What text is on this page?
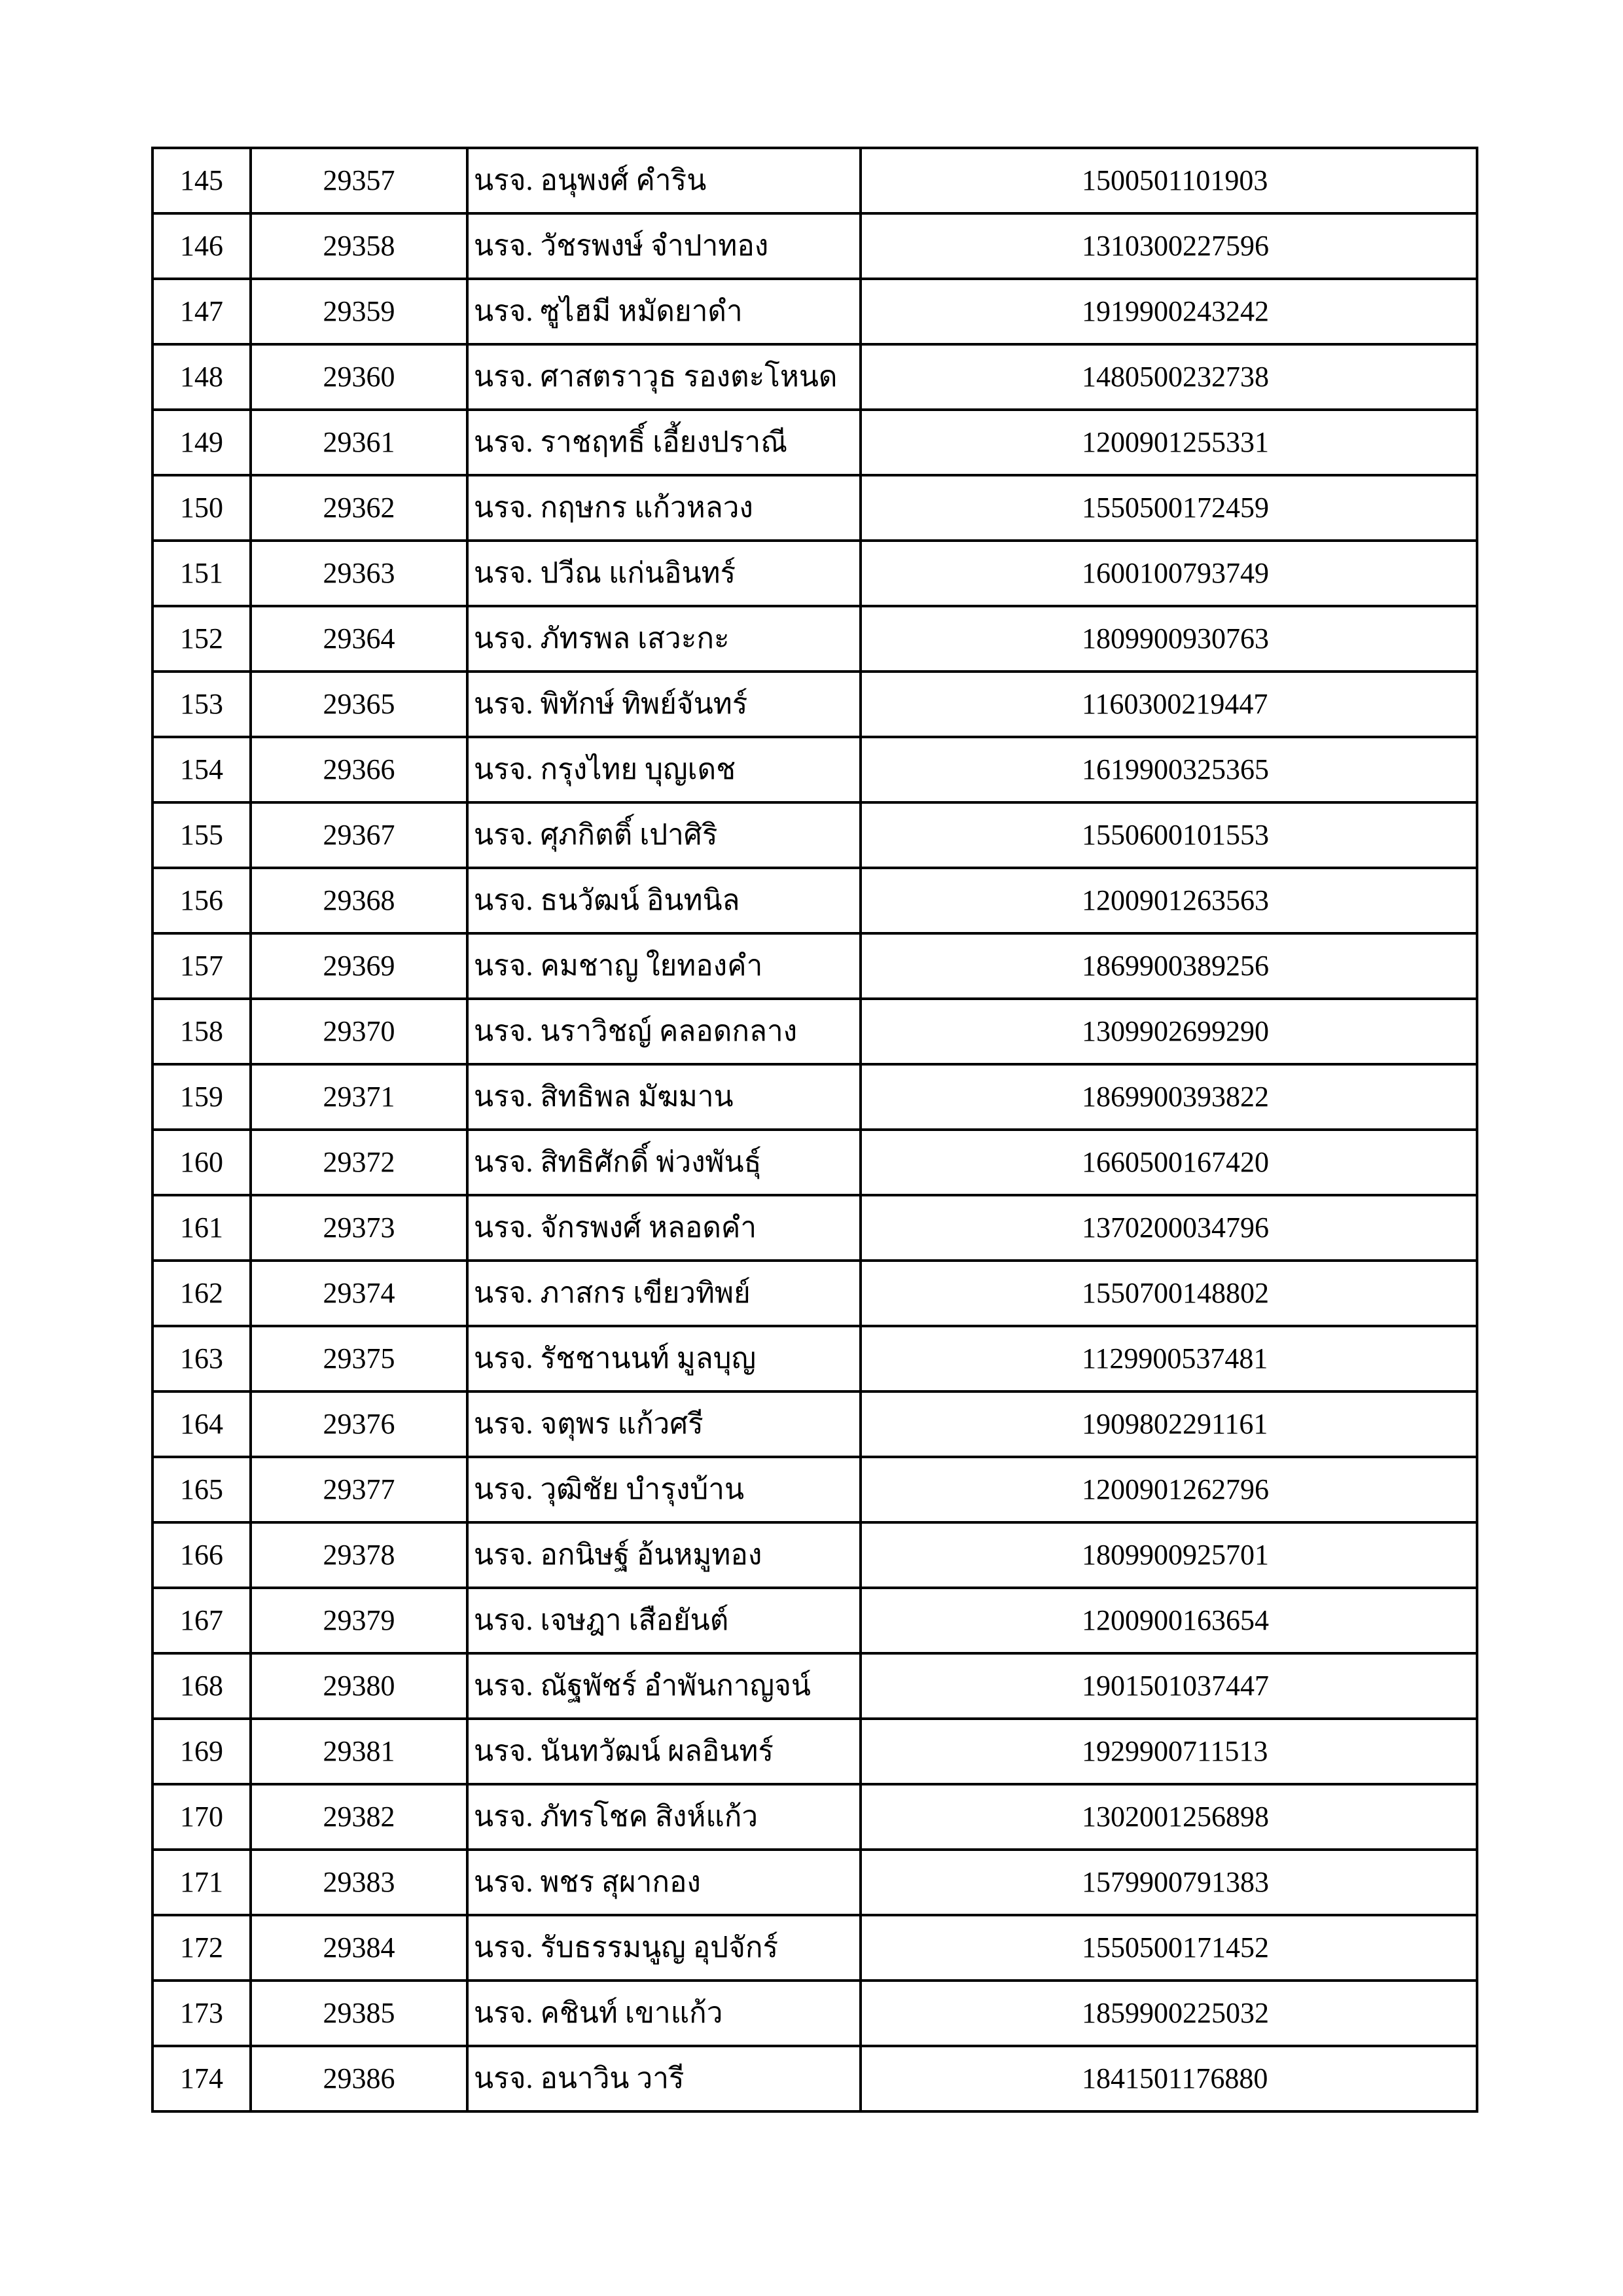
145	29357	นรจ. อนุพงศ์ คำริน	1500501101903
146	29358	นรจ. วัชรพงษ์ จำปาทอง	1310300227596
147	29359	นรจ. ซูไฮมี หมัดยาดำ	1919900243242
148	29360	นรจ. ศาสตราวุธ รองตะโหนด	1480500232738
149	29361	นรจ. ราชฤทธิ์ เอี้ยงปราณี	1200901255331
150	29362	นรจ. กฤษกร แก้วหลวง	1550500172459
151	29363	นรจ. ปวีณ แก่นอินทร์	1600100793749
152	29364	นรจ. ภัทรพล เสวะกะ	1809900930763
153	29365	นรจ. พิทักษ์ ทิพย์จันทร์	1160300219447
154	29366	นรจ. กรุงไทย บุญเดช	1619900325365
155	29367	นรจ. ศุภกิตติ์ เปาศิริ	1550600101553
156	29368	นรจ. ธนวัฒน์ อินทนิล	1200901263563
157	29369	นรจ. คมชาญ ใยทองคำ	1869900389256
158	29370	นรจ. นราวิชญ์ คลอดกลาง	1309902699290
159	29371	นรจ. สิทธิพล มัฆมาน	1869900393822
160	29372	นรจ. สิทธิศักดิ์ พ่วงพันธุ์	1660500167420
161	29373	นรจ. จักรพงศ์ หลอดคำ	1370200034796
162	29374	นรจ. ภาสกร เขียวทิพย์	1550700148802
163	29375	นรจ. รัชชานนท์ มูลบุญ	1129900537481
164	29376	นรจ. จตุพร แก้วศรี	1909802291161
165	29377	นรจ. วุฒิชัย บำรุงบ้าน	1200901262796
166	29378	นรจ. อกนิษฐ์ อ้นหมูทอง	1809900925701
167	29379	นรจ. เจษฎา เสือยันต์	1200900163654
168	29380	นรจ. ณัฐพัชร์ อำพันกาญจน์	1901501037447
169	29381	นรจ. นันทวัฒน์ ผลอินทร์	1929900711513
170	29382	นรจ. ภัทรโชค สิงห์แก้ว	1302001256898
171	29383	นรจ. พชร สุผากอง	1579900791383
172	29384	นรจ. รับธรรมนูญ อุปจักร์	1550500171452
173	29385	นรจ. คชินท์ เขาแก้ว	1859900225032
174	29386	นรจ. อนาวิน วารี	1841501176880
